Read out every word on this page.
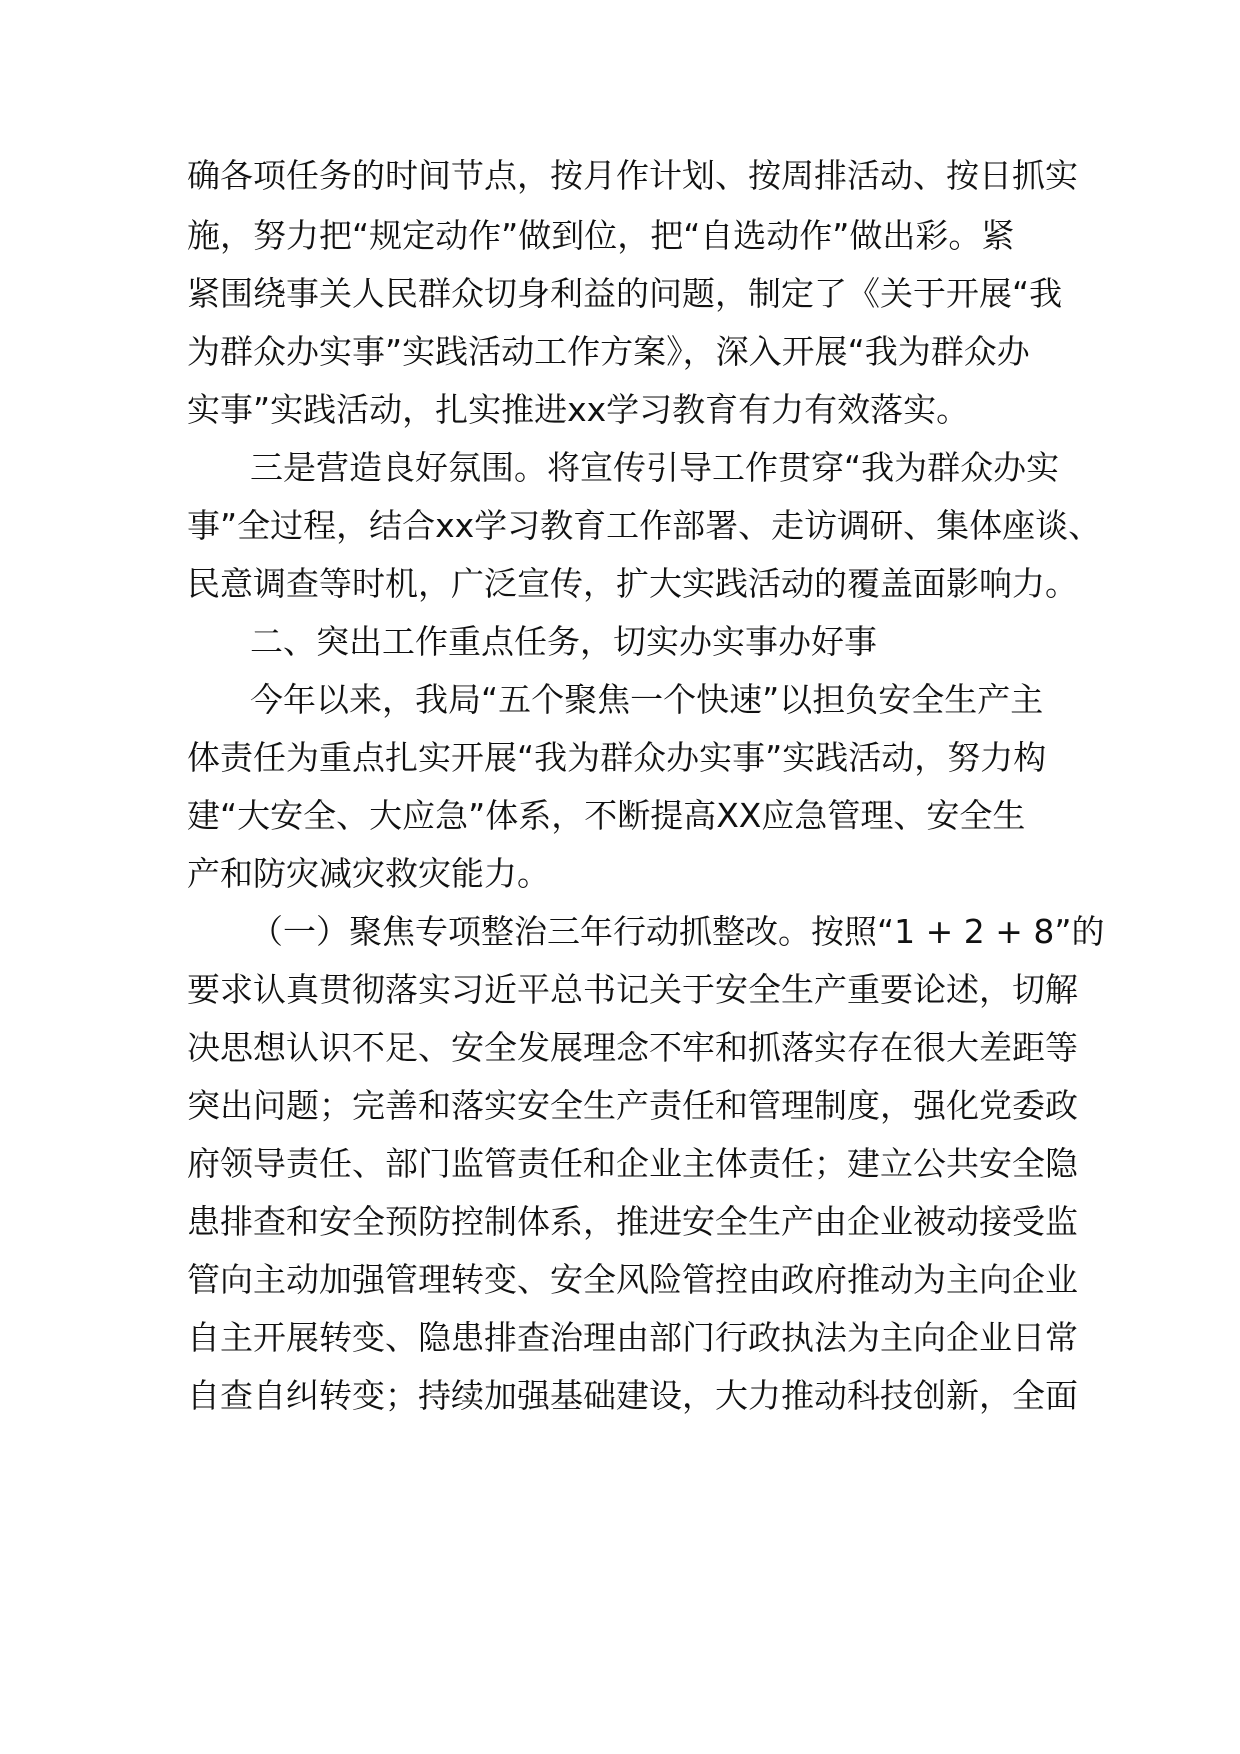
确各项任务的时间节点，按月作计划、按周排活动、按日抓实
施，努力把“规定动作”做到位，把“自选动作”做出彩。紧
紧围绕事关人民群众切身利益的问题，制定了《关于开展“我
为群众办实事”实践活动工作方案》，深入开展“我为群众办
实事”实践活动，扎实推进xx学习教育有力有效落实。
三是营造良好氛围。将宣传引导工作贯穿“我为群众办实
事”全过程，结合xx学习教育工作部署、走访调研、集体座谈、
民意调查等时机，广泛宣传，扩大实践活动的覆盖面影响力。
二、突出工作重点任务，切实办实事办好事
今年以来，我局“五个聚焦一个快速”以担负安全生产主
体责任为重点扎实开展“我为群众办实事”实践活动，努力构
建“大安全、大应急”体系，不断提高XX应急管理、安全生
产和防灾减灾救灾能力。
（一）聚焦专项整治三年行动抓整改。按照“1 + 2 + 8”的
要求认真贯彻落实习近平总书记关于安全生产重要论述，切解
决思想认识不足、安全发展理念不牢和抓落实存在很大差距等
突出问题；完善和落实安全生产责任和管理制度，强化党委政
府领导责任、部门监管责任和企业主体责任；建立公共安全隐
患排查和安全预防控制体系，推进安全生产由企业被动接受监
管向主动加强管理转变、安全风险管控由政府推动为主向企业
自主开展转变、隐患排查治理由部门行政执法为主向企业日常
自查自纠转变；持续加强基础建设，大力推动科技创新，全面
